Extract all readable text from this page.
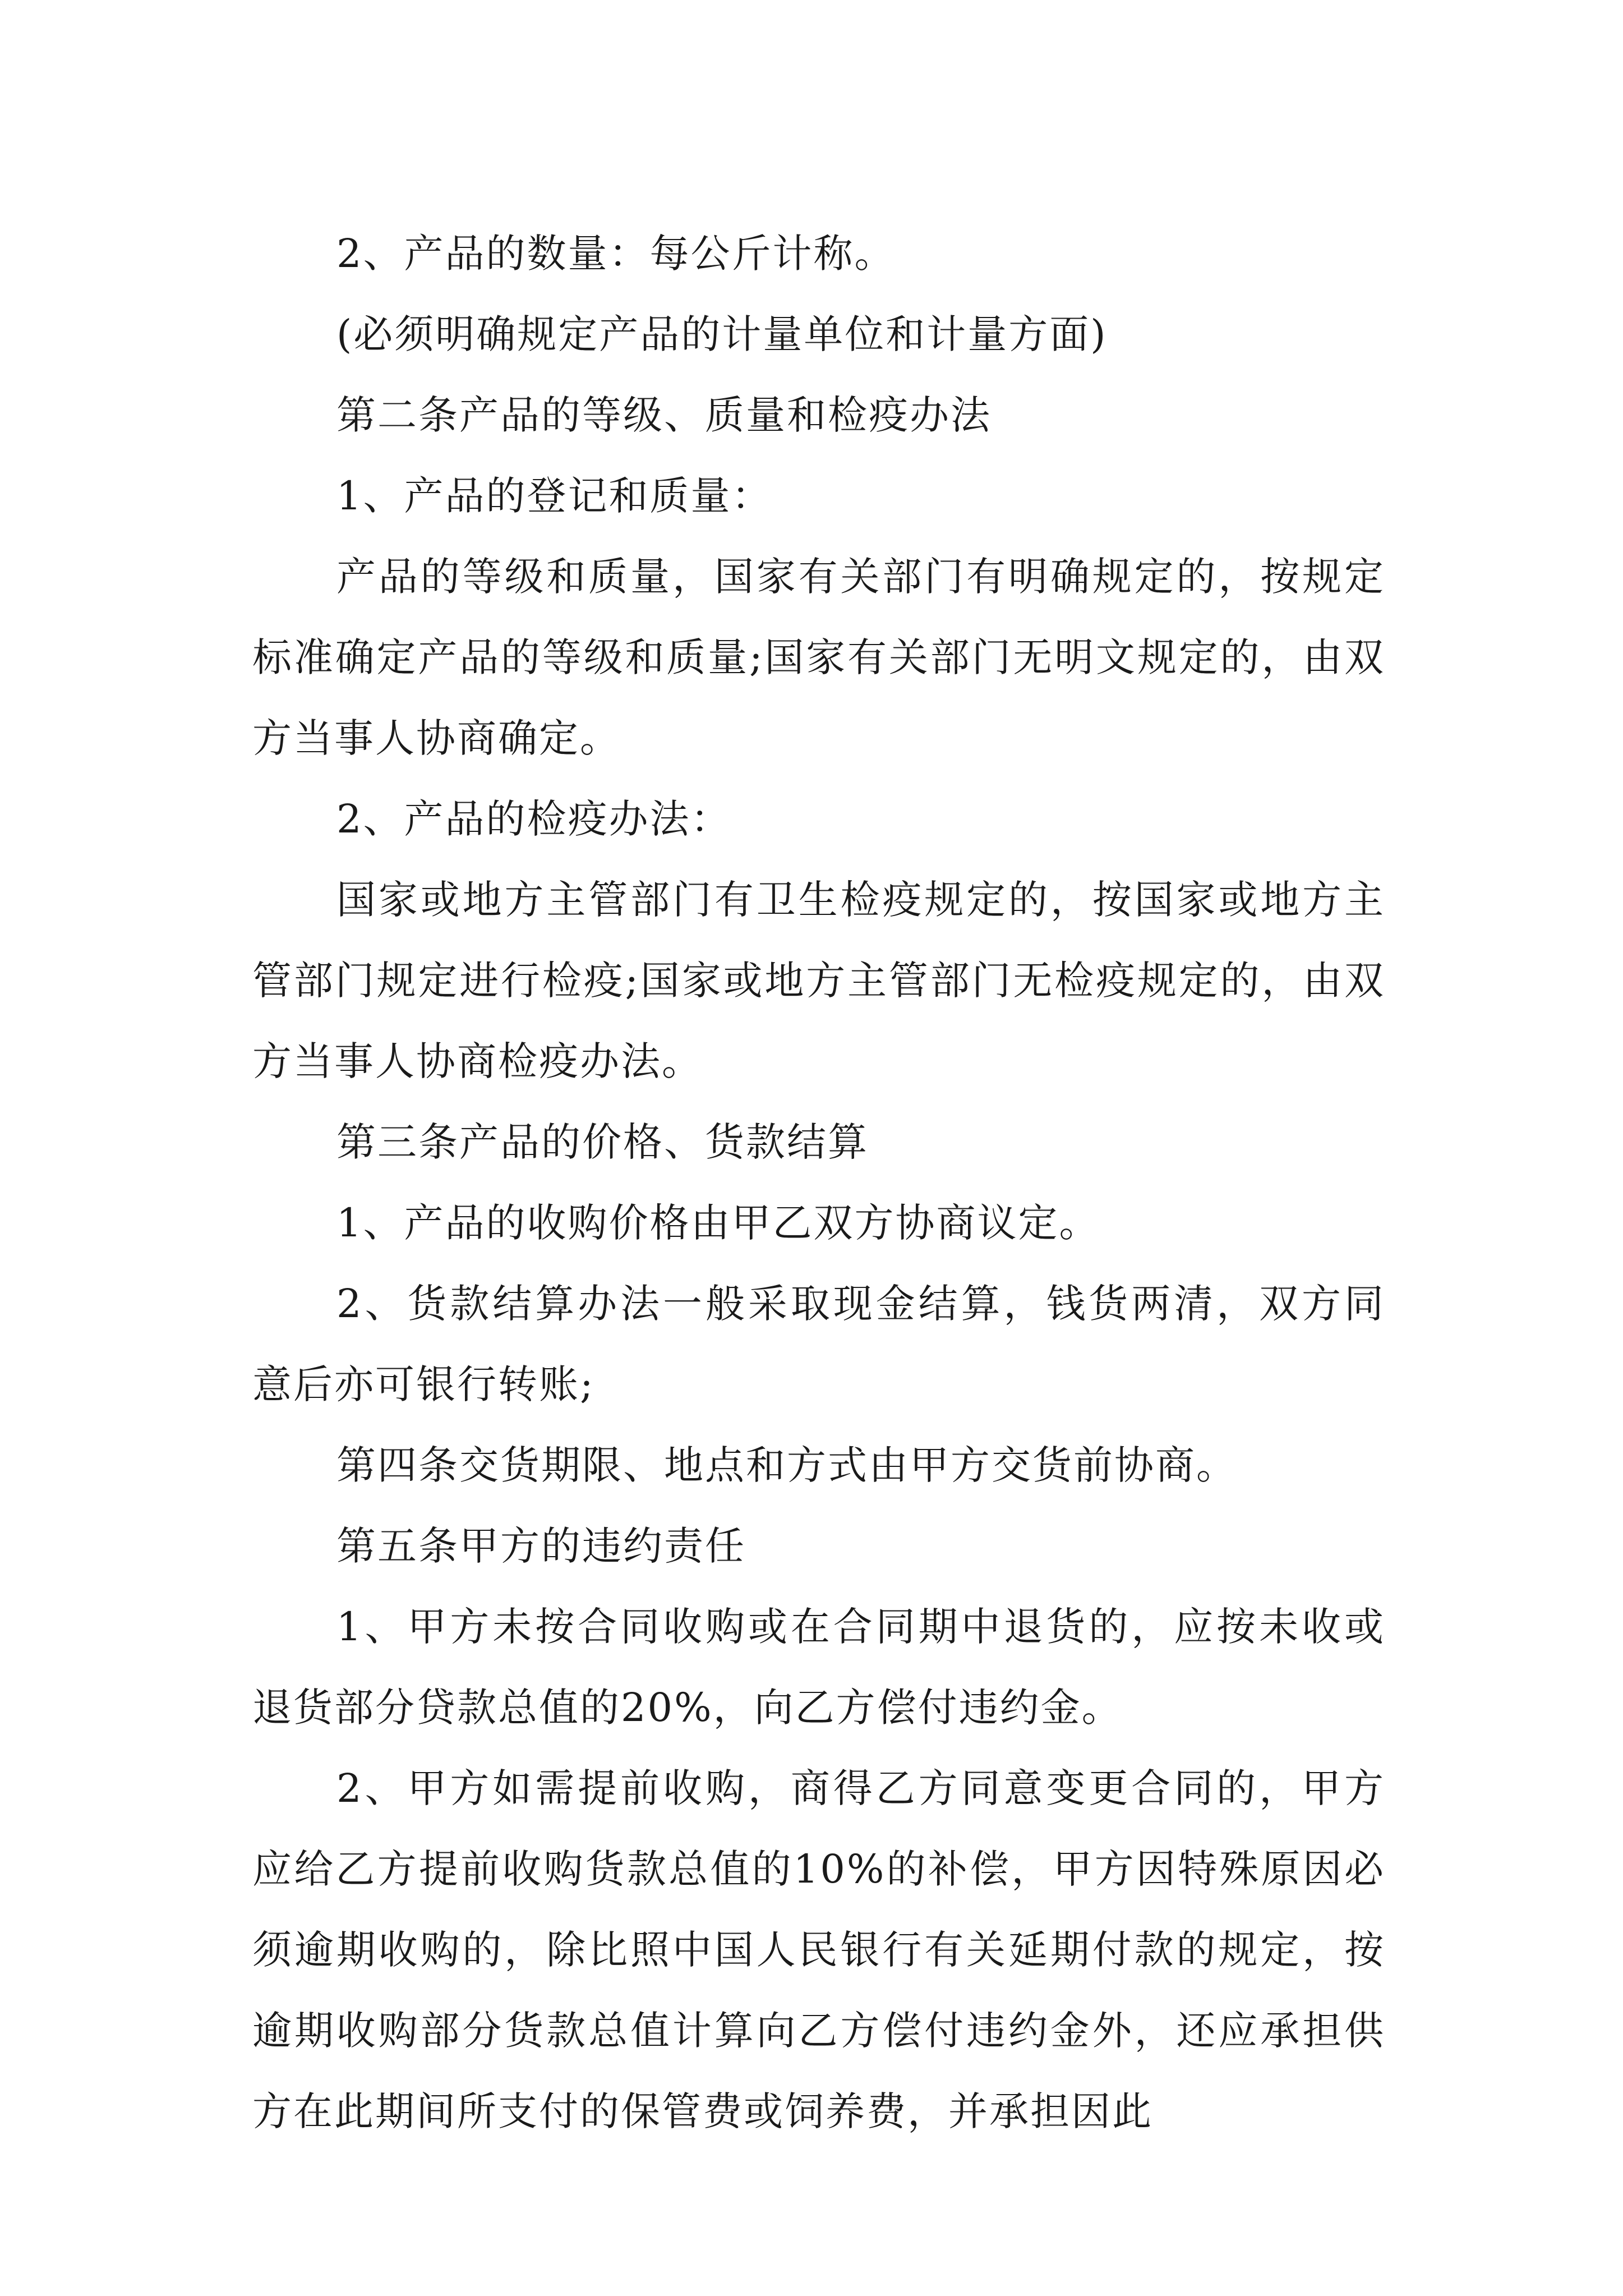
2、产品的数量：每公斤计称。

(必须明确规定产品的计量单位和计量方面)

第二条产品的等级、质量和检疫办法

1、产品的登记和质量：

产品的等级和质量，国家有关部门有明确规定的，按规定标准确定产品的等级和质量;国家有关部门无明文规定的，由双方当事人协商确定。

2、产品的检疫办法：

国家或地方主管部门有卫生检疫规定的，按国家或地方主管部门规定进行检疫;国家或地方主管部门无检疫规定的，由双方当事人协商检疫办法。

第三条产品的价格、货款结算

1、产品的收购价格由甲乙双方协商议定。

2、货款结算办法一般采取现金结算，钱货两清，双方同意后亦可银行转账;

第四条交货期限、地点和方式由甲方交货前协商。

第五条甲方的违约责任

1、甲方未按合同收购或在合同期中退货的，应按未收或退货部分贷款总值的20%，向乙方偿付违约金。

2、甲方如需提前收购，商得乙方同意变更合同的，甲方应给乙方提前收购货款总值的10%的补偿，甲方因特殊原因必须逾期收购的，除比照中国人民银行有关延期付款的规定，按逾期收购部分货款总值计算向乙方偿付违约金外，还应承担供方在此期间所支付的保管费或饲养费，并承担因此
